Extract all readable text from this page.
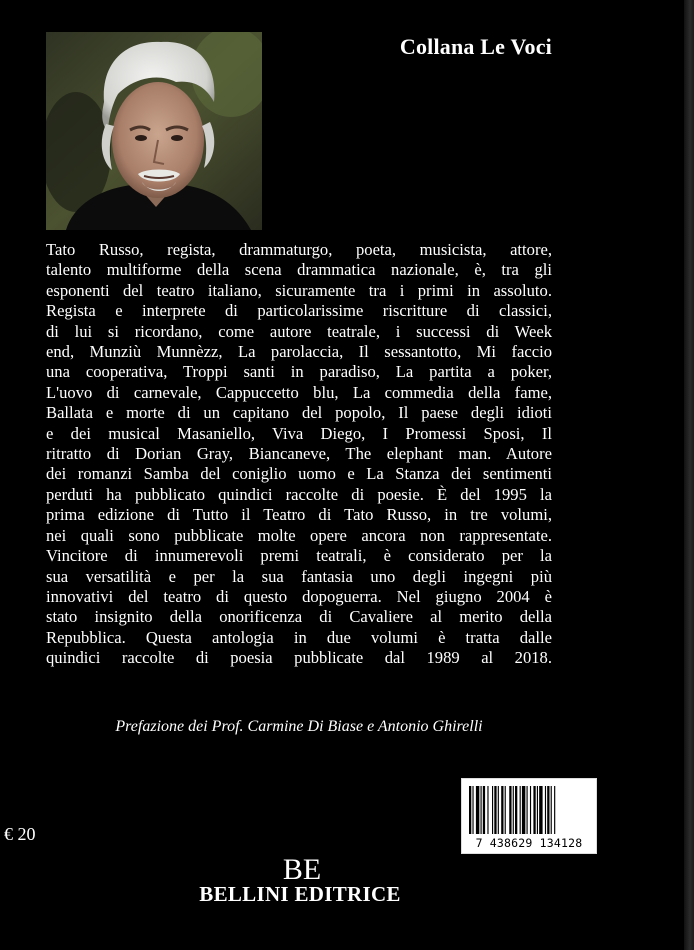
Collana Le Voci

Tato Russo, regista, drammaturgo, poeta, musicista, attore,
talento multiforme della scena drammatica nazionale, è, tra gli
esponenti del teatro italiano, sicuramente tra i primi in assoluto.
Regista e interprete di particolarissime riscritture di classici,
di lui si ricordano, come autore teatrale, i successi di Week
end, Munziù Munnèzz, La parolaccia, Il sessantotto, Mi faccio
una cooperativa, Troppi santi in paradiso, La partita a poker,
L'uovo di carnevale, Cappuccetto blu, La commedia della fame,
Ballata e morte di un capitano del popolo, Il paese degli idioti
e dei musical Masaniello, Viva Diego, I Promessi Sposi, Il
ritratto di Dorian Gray, Biancaneve, The elephant man. Autore
dei romanzi Samba del coniglio uomo e La Stanza dei sentimenti
perduti ha pubblicato quindici raccolte di poesie. È del 1995 la
prima edizione di Tutto il Teatro di Tato Russo, in tre volumi,
nei quali sono pubblicate molte opere ancora non rappresentate.
Vincitore di innumerevoli premi teatrali, è considerato per la
sua versatilità e per la sua fantasia uno degli ingegni più
innovativi del teatro di questo dopoguerra. Nel giugno 2004 è
stato insignito della onorificenza di Cavaliere al merito della
Repubblica. Questa antologia in due volumi è tratta dalle
quindici raccolte di poesia pubblicate dal 1989 al 2018.

Prefazione dei Prof. Carmine Di Biase e Antonio Ghirelli
7 438629 134128
€ 20
BE
BELLINI EDITRICE
